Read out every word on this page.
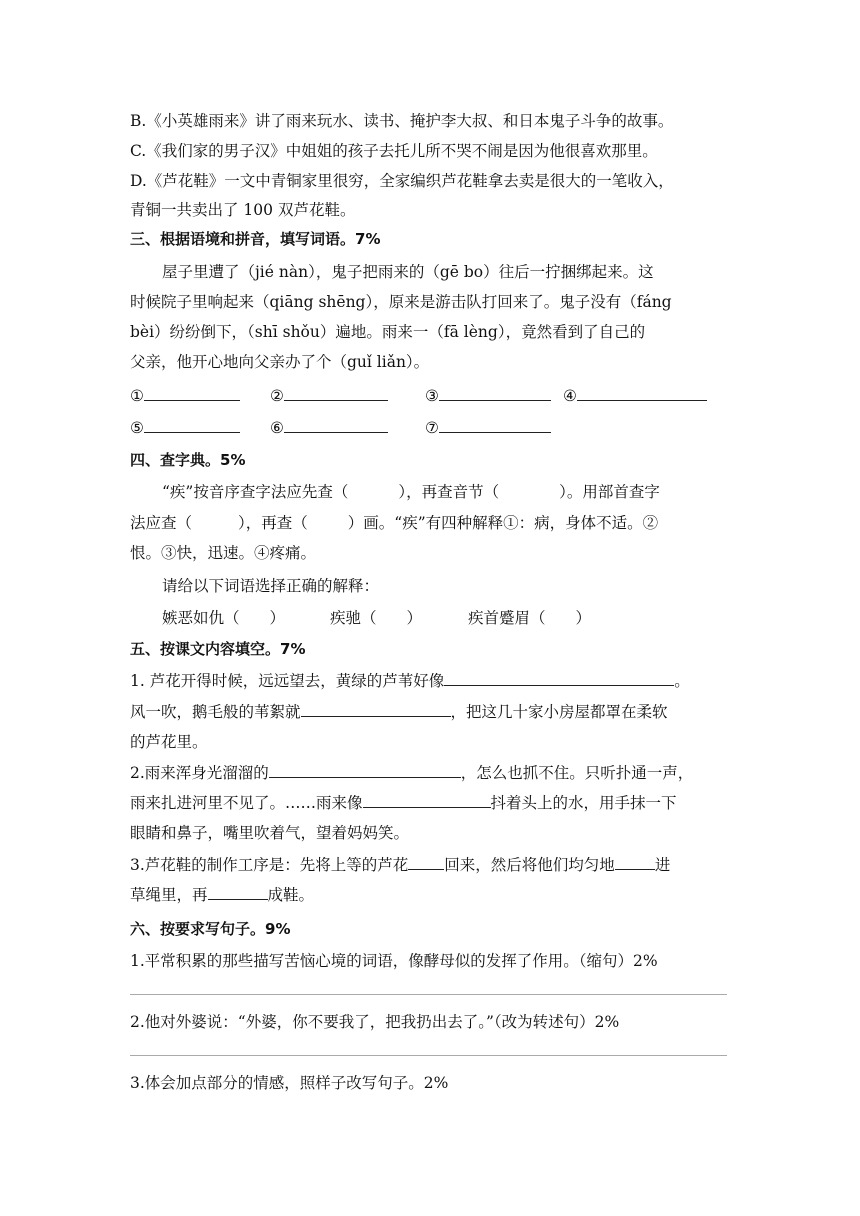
B.《小英雄雨来》讲了雨来玩水、读书、掩护李大叔、和日本鬼子斗争的故事。
C.《我们家的男子汉》中姐姐的孩子去托儿所不哭不闹是因为他很喜欢那里。
D.《芦花鞋》一文中青铜家里很穷，全家编织芦花鞋拿去卖是很大的一笔收入，
青铜一共卖出了 100 双芦花鞋。
三、根据语境和拼音，填写词语。7%
屋子里遭了（jié nàn），鬼子把雨来的（gē bo）往后一拧捆绑起来。这
时候院子里响起来（qiāng shēng），原来是游击队打回来了。鬼子没有（fáng
bèi）纷纷倒下，（shī shǒu）遍地。雨来一（fā lèng），竟然看到了自己的
父亲，他开心地向父亲办了个（guǐ liǎn）。
①	②	③	④
⑤	⑥	⑦
四、查字典。5%
“疾”按音序查字法应先查（	），再查音节（	）。用部首查字
法应查（	），再查（	）画。“疾”有四种解释①：病，身体不适。②
恨。③快，迅速。④疼痛。
请给以下词语选择正确的解释：
嫉恶如仇（ ）	疾驰（ ）	疾首蹙眉（ ）
五、按课文内容填空。7%
1. 芦花开得时候，远远望去，黄绿的芦苇好像	。
风一吹，鹅毛般的苇絮就	，把这几十家小房屋都罩在柔软
的芦花里。
2.雨来浑身光溜溜的	，怎么也抓不住。只听扑通一声，
雨来扎进河里不见了。……雨来像	抖着头上的水，用手抹一下
眼睛和鼻子，嘴里吹着气，望着妈妈笑。
3.芦花鞋的制作工序是：先将上等的芦花 回来，然后将他们均匀地	进
草绳里，再	成鞋。
六、按要求写句子。9%
1.平常积累的那些描写苦恼心境的词语，像酵母似的发挥了作用。（缩句）2%
2.他对外婆说：“外婆，你不要我了，把我扔出去了。”（改为转述句）2%
3.体会加点部分的情感，照样子改写句子。2%
